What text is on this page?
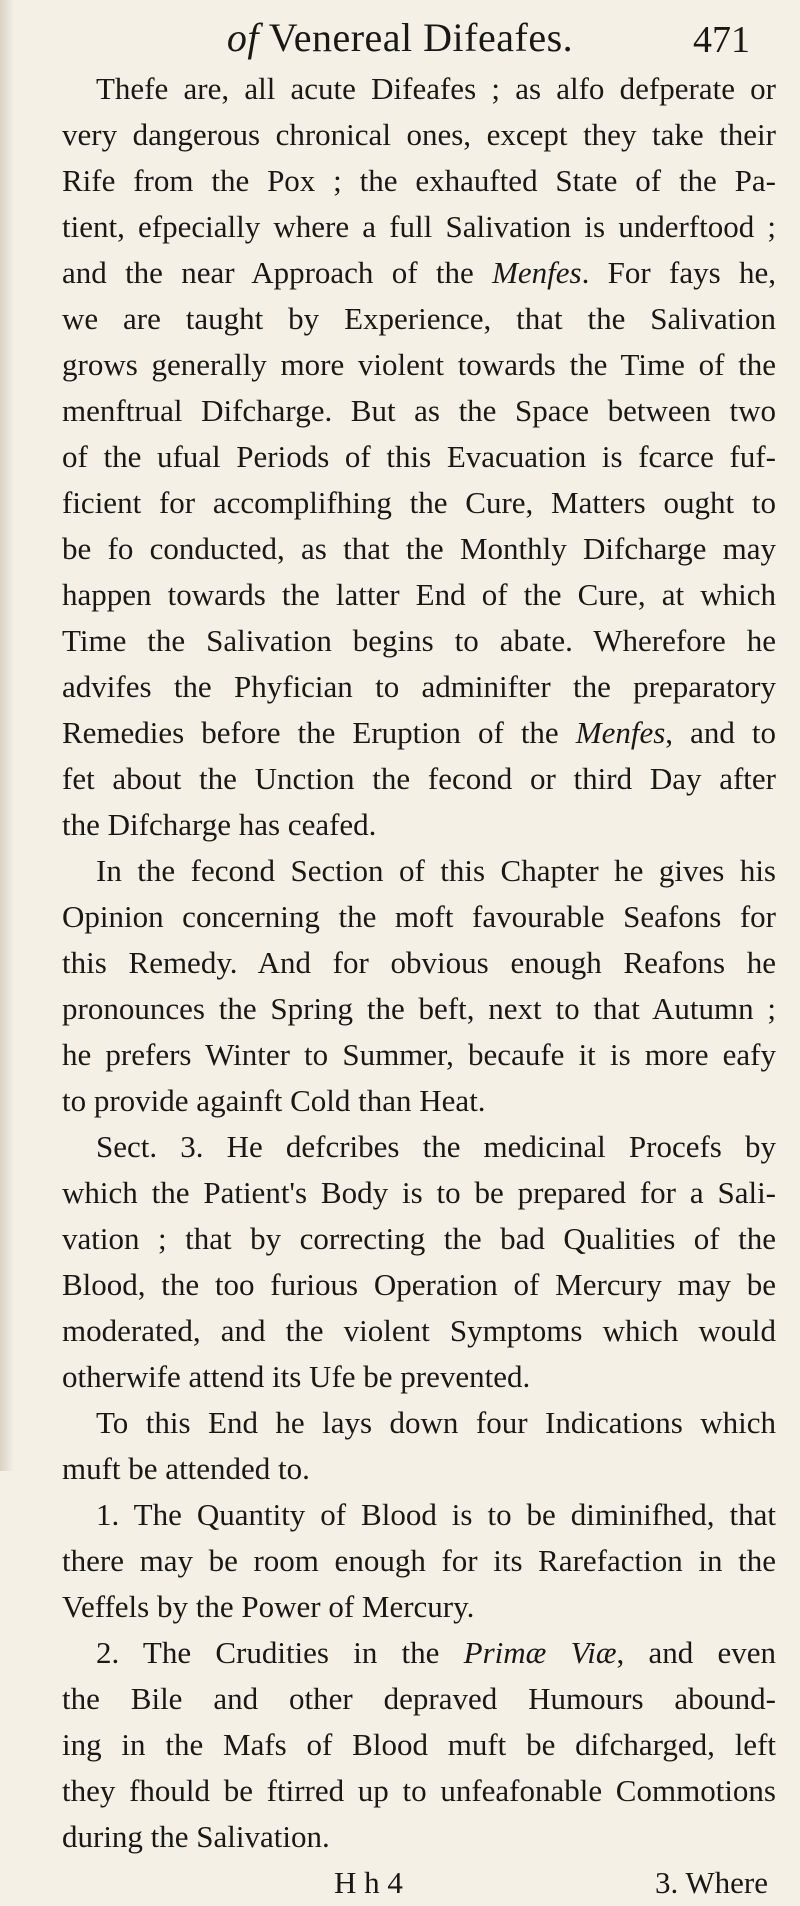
of Venereal Difeafes.	471
Thefe are, all acute Difeafes ; as alfo defperate or
very dangerous chronical ones, except they take their
Rife from the Pox ; the exhaufted State of the Pa-
tient, efpecially where a full Salivation is underftood ;
and the near Approach of the Menfes. For fays he,
we are taught by Experience, that the Salivation
grows generally more violent towards the Time of the
menftrual Difcharge. But as the Space between two
of the ufual Periods of this Evacuation is fcarce fuf-
ficient for accomplifhing the Cure, Matters ought to
be fo conducted, as that the Monthly Difcharge may
happen towards the latter End of the Cure, at which
Time the Salivation begins to abate. Wherefore he
advifes the Phyfician to adminifter the preparatory
Remedies before the Eruption of the Menfes, and to
fet about the Unction the fecond or third Day after
the Difcharge has ceafed.
In the fecond Section of this Chapter he gives his
Opinion concerning the moft favourable Seafons for
this Remedy. And for obvious enough Reafons he
pronounces the Spring the beft, next to that Autumn ;
he prefers Winter to Summer, becaufe it is more eafy
to provide againft Cold than Heat.
Sect. 3. He defcribes the medicinal Procefs by
which the Patient's Body is to be prepared for a Sali-
vation ; that by correcting the bad Qualities of the
Blood, the too furious Operation of Mercury may be
moderated, and the violent Symptoms which would
otherwife attend its Ufe be prevented.
To this End he lays down four Indications which
muft be attended to.
1. The Quantity of Blood is to be diminifhed, that
there may be room enough for its Rarefaction in the
Veffels by the Power of Mercury.
2. The Crudities in the Primæ Viæ, and even
the Bile and other depraved Humours abound-
ing in the Mafs of Blood muft be difcharged, left
they fhould be ftirred up to unfeafonable Commotions
during the Salivation.
H h 4	3. Where
